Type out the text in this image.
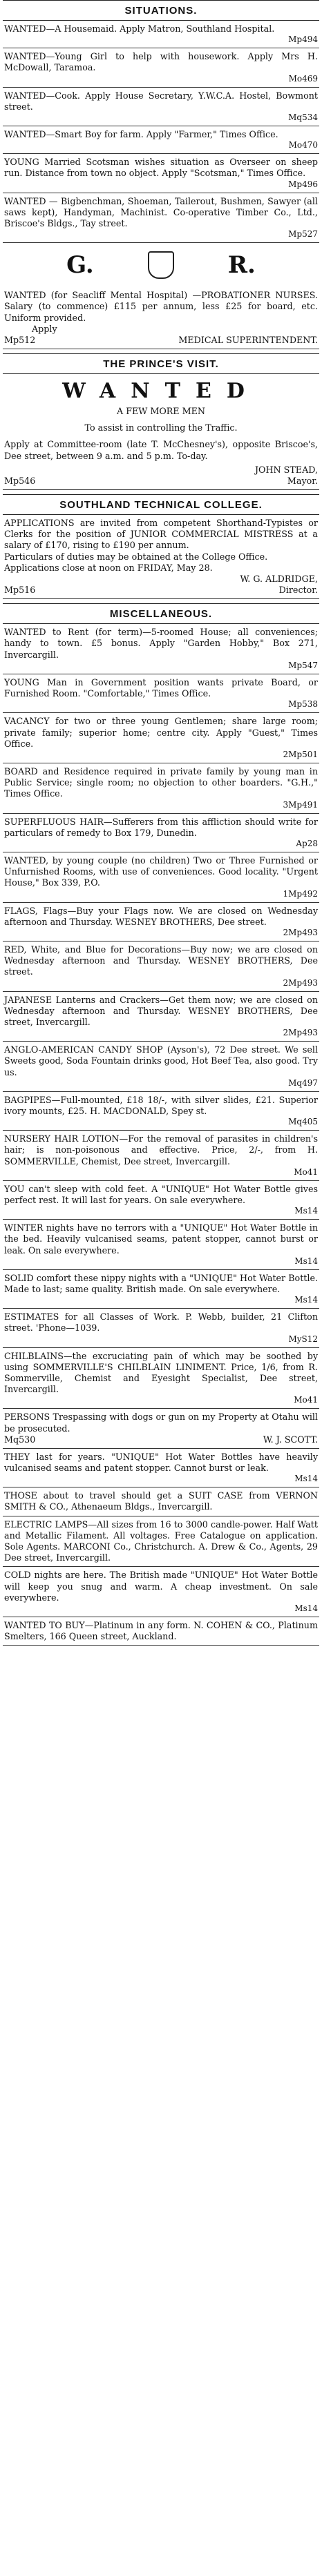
SITUATIONS.

WANTED—A Housemaid. Apply Matron, Southland Hospital.

Mp494

WANTED—Young Girl to help with housework. Apply Mrs H. McDowall, Taramoa.

Mo469

WANTED—Cook. Apply House Secretary, Y.W.C.A. Hostel, Bowmont street.

Mq534

WANTED—Smart Boy for farm. Apply "Farmer," Times Office.

Mo470

YOUNG Married Scotsman wishes situation as Overseer on sheep run. Distance from town no object. Apply "Scotsman," Times Office.

Mp496

WANTED — Bigbenchman, Shoeman, Tailerout, Bushmen, Sawyer (all saws kept), Handyman, Machinist. Co-operative Timber Co., Ltd., Briscoe's Bldgs., Tay street.

Mp527

G.	R.

WANTED (for Seacliff Mental Hospital) —PROBATIONER NURSES. Salary (to commence) £115 per annum, less £25 for board, etc. Uniform provided.

Apply

Mp512	MEDICAL SUPERINTENDENT.
THE PRINCE'S VISIT.
WANTED

A FEW MORE MEN

To assist in controlling the Traffic.

Apply at Committee-room (late T. McChesney's), opposite Briscoe's, Dee street, between 9 a.m. and 5 p.m. To-day.

JOHN STEAD,

Mp546	Mayor.
SOUTHLAND TECHNICAL COLLEGE.

APPLICATIONS are invited from competent Shorthand-Typistes or Clerks for the position of JUNIOR COMMERCIAL MISTRESS at a salary of £170, rising to £190 per annum.

Particulars of duties may be obtained at the College Office.

Applications close at noon on FRIDAY, May 28.

W. G. ALDRIDGE,

Mp516	Director.
MISCELLANEOUS.

WANTED to Rent (for term)—5-roomed House; all conveniences; handy to town. £5 bonus. Apply "Garden Hobby," Box 271, Invercargill.

Mp547

YOUNG Man in Government position wants private Board, or Furnished Room. "Comfortable," Times Office.

Mp538

VACANCY for two or three young Gentlemen; share large room; private family; superior home; centre city. Apply "Guest," Times Office.

2Mp501

BOARD and Residence required in private family by young man in Public Service; single room; no objection to other boarders. "G.H.," Times Office.

3Mp491

SUPERFLUOUS HAIR—Sufferers from this affliction should write for particulars of remedy to Box 179, Dunedin.

Ap28

WANTED, by young couple (no children) Two or Three Furnished or Unfurnished Rooms, with use of conveniences. Good locality. "Urgent House," Box 339, P.O.

1Mp492

FLAGS, Flags—Buy your Flags now. We are closed on Wednesday afternoon and Thursday. WESNEY BROTHERS, Dee street.

2Mp493

RED, White, and Blue for Decorations—Buy now; we are closed on Wednesday afternoon and Thursday. WESNEY BROTHERS, Dee street.

2Mp493

JAPANESE Lanterns and Crackers—Get them now; we are closed on Wednesday afternoon and Thursday. WESNEY BROTHERS, Dee street, Invercargill.

2Mp493

ANGLO-AMERICAN CANDY SHOP (Ayson's), 72 Dee street. We sell Sweets good, Soda Fountain drinks good, Hot Beef Tea, also good. Try us.

Mq497

BAGPIPES—Full-mounted, £18 18/-, with silver slides, £21. Superior ivory mounts, £25. H. MACDONALD, Spey st.

Mq405

NURSERY HAIR LOTION—For the removal of parasites in children's hair; is non-poisonous and effective. Price, 2/-, from H. SOMMERVILLE, Chemist, Dee street, Invercargill.

Mo41

YOU can't sleep with cold feet. A "UNIQUE" Hot Water Bottle gives perfect rest. It will last for years. On sale everywhere.

Ms14

WINTER nights have no terrors with a "UNIQUE" Hot Water Bottle in the bed. Heavily vulcanised seams, patent stopper, cannot burst or leak. On sale everywhere.

Ms14

SOLID comfort these nippy nights with a "UNIQUE" Hot Water Bottle. Made to last; same quality. British made. On sale everywhere.

Ms14

ESTIMATES for all Classes of Work. P. Webb, builder, 21 Clifton street. 'Phone—1039.

MyS12

CHILBLAINS—the excruciating pain of which may be soothed by using SOMMERVILLE'S CHILBLAIN LINIMENT. Price, 1/6, from R. Sommerville, Chemist and Eyesight Specialist, Dee street, Invercargill.

Mo41

PERSONS Trespassing with dogs or gun on my Property at Otahu will be prosecuted.

Mq530	W. J. SCOTT.

THEY last for years. "UNIQUE" Hot Water Bottles have heavily vulcanised seams and patent stopper. Cannot burst or leak.

Ms14

THOSE about to travel should get a SUIT CASE from VERNON SMITH & CO., Athenaeum Bldgs., Invercargill.

ELECTRIC LAMPS—All sizes from 16 to 3000 candle-power. Half Watt and Metallic Filament. All voltages. Free Catalogue on application. Sole Agents. MARCONI Co., Christchurch. A. Drew & Co., Agents, 29 Dee street, Invercargill.

COLD nights are here. The British made "UNIQUE" Hot Water Bottle will keep you snug and warm. A cheap investment. On sale everywhere.

Ms14

WANTED TO BUY—Platinum in any form. N. COHEN & CO., Platinum Smelters, 166 Queen street, Auckland.
